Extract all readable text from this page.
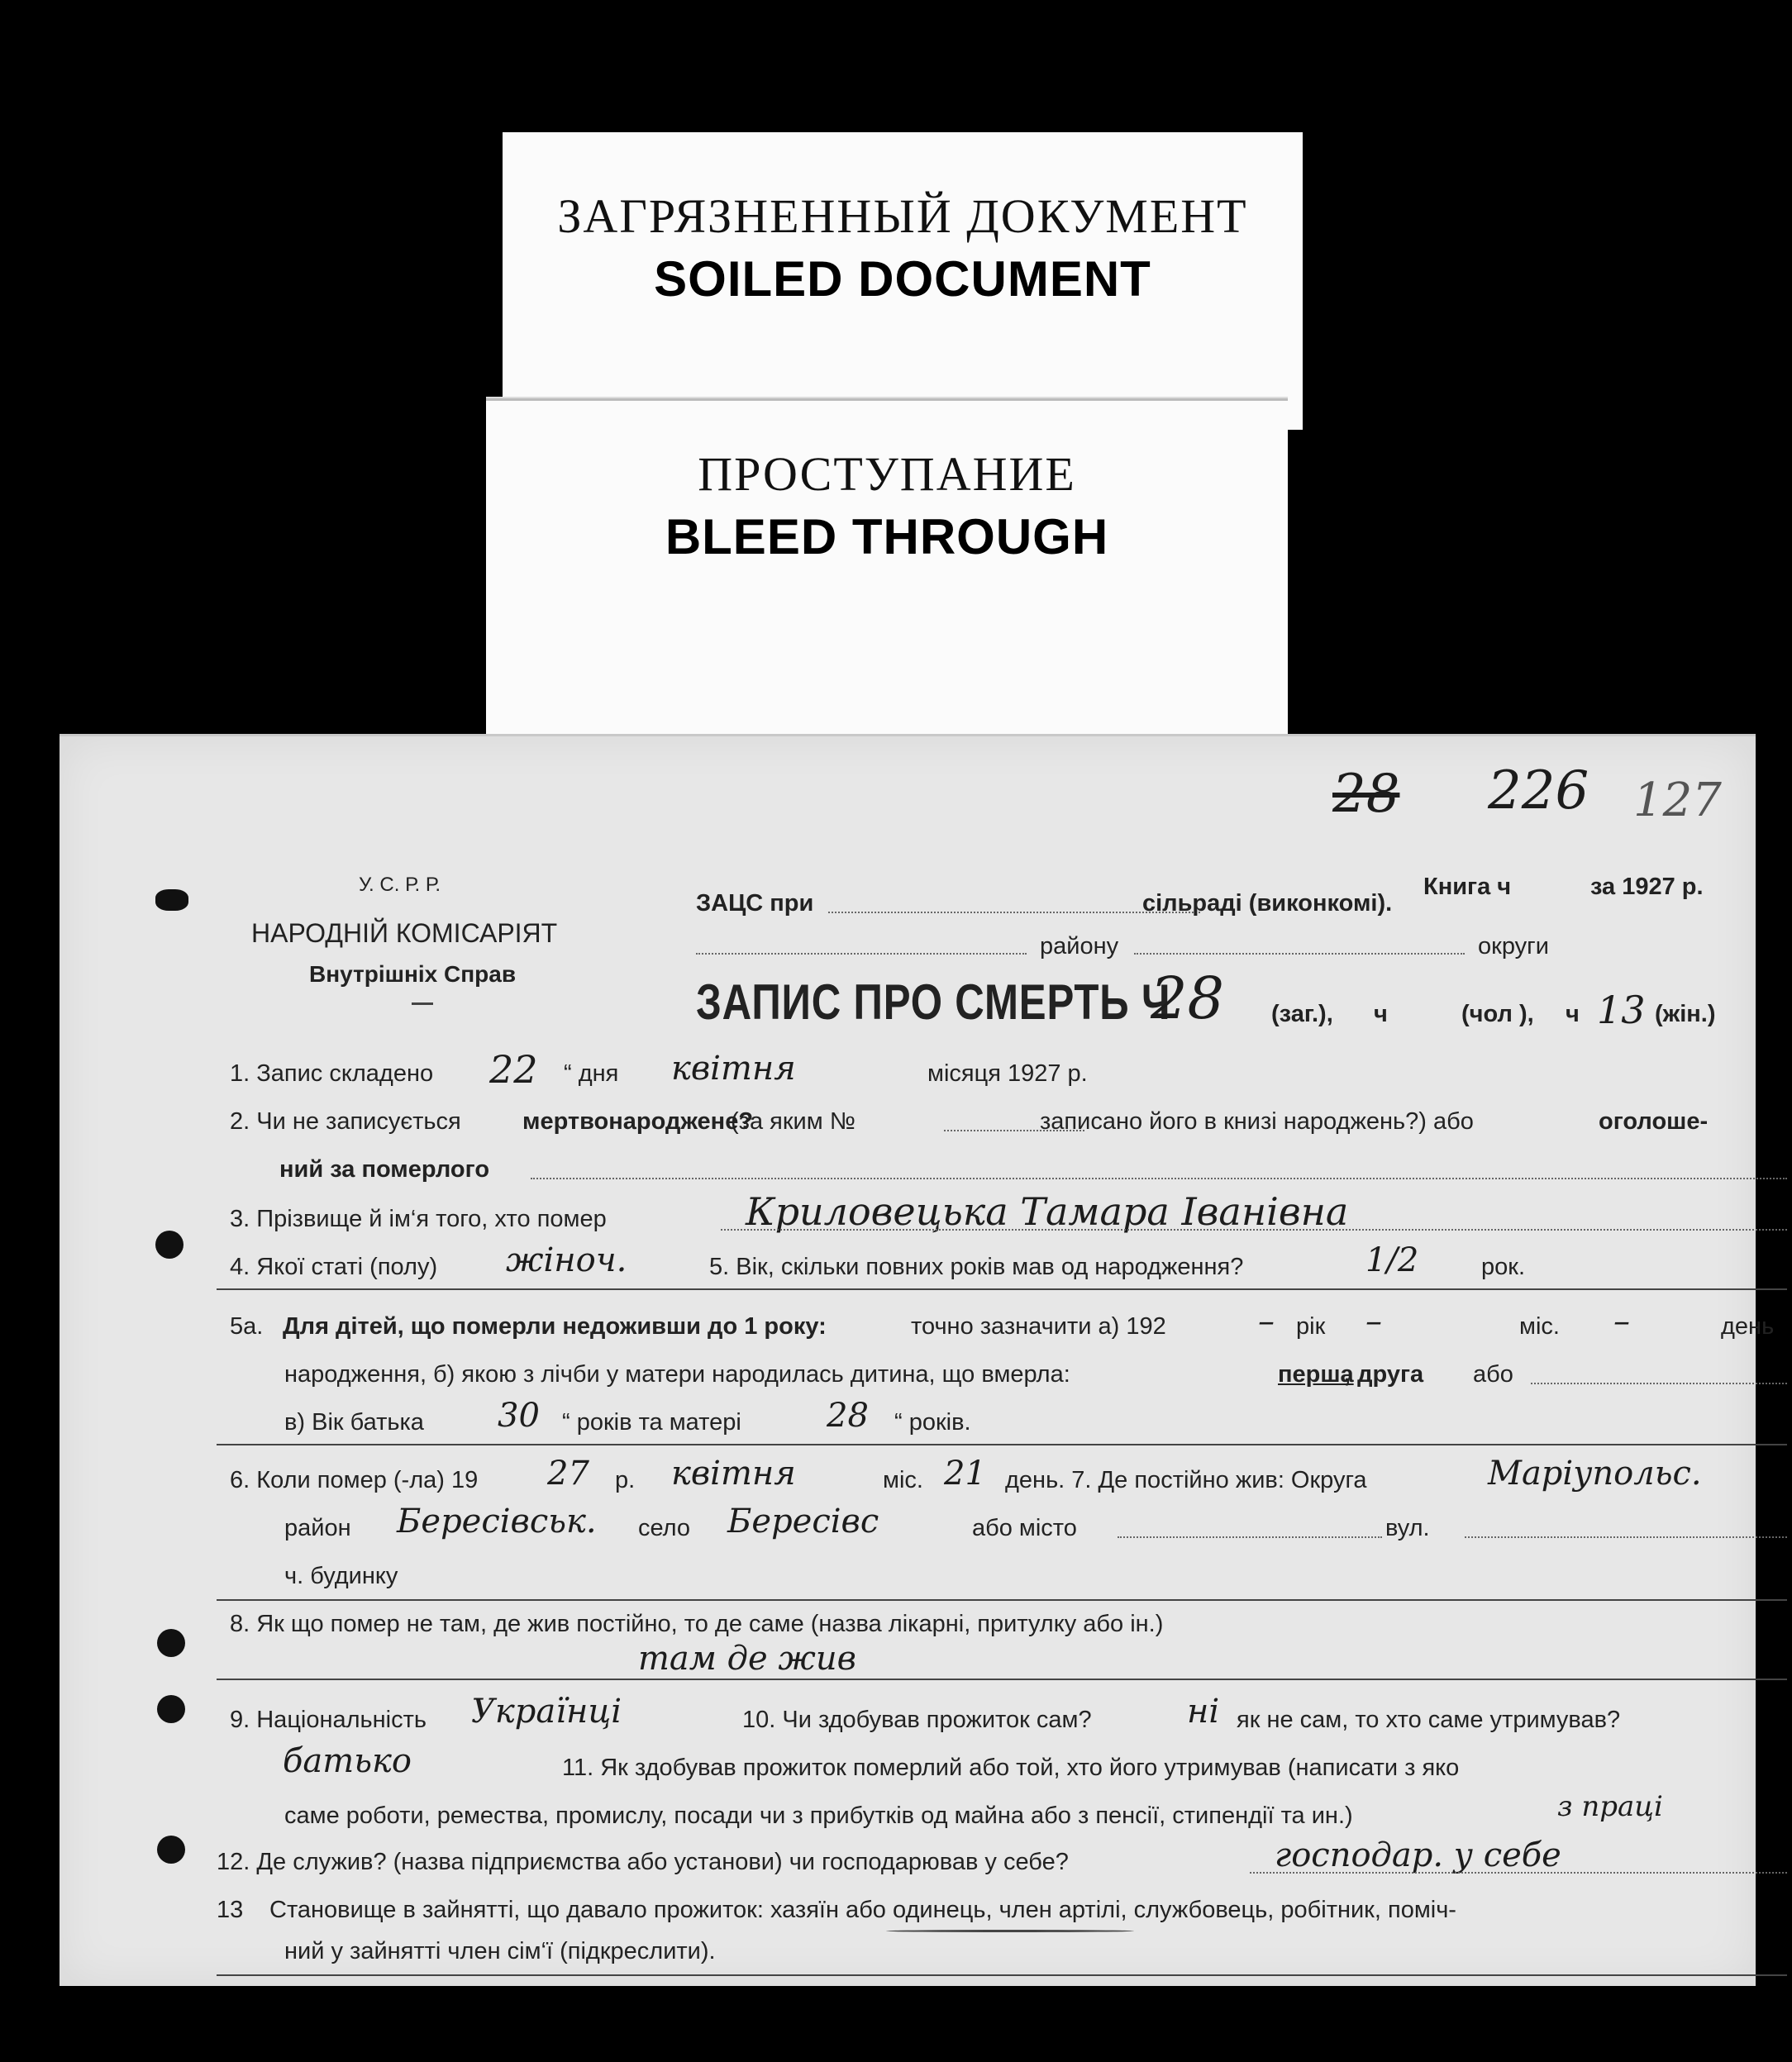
ЗАГРЯЗНЕННЫЙ ДОКУМЕНТ
SOILED DOCUMENT
ПРОСТУПАНИЕ
BLEED THROUGH
28 226 127
У. С. Р. Р.
НАРОДНІЙ КОМІСАРІЯТ
Внутрішніх Справ
ЗАЦС при	сільраді (виконкомі).
Книга ч	за 1927 р.
району	округи
ЗАПИС ПРО СМЕРТЬ Ч
28 (заг.), ч	(чол ), ч 13 (жін.)
1. Запис складено 22 “ дня квітня	місяця 1927 р.
2. Чи не записується	мертвонароджене?
(за яким №	записано його в книзі народжень?) або	оголоше-
ний за померлого
3. Прізвище й ім‘я того, хто помер	Криловецька Тамара Іванівна
4. Якої статі (полу) жіноч.	5. Вік, скільки повних років мав од народження?	1/2	рок.
5а. Для дітей, що померли недоживши до 1 року:	точно зазначити а) 192	– рік –	міс. –	день
народження, б) якою з лічби у матери народилась дитина, що вмерла:	перша
, друга або
в) Вік батька 30 “ років та матері	28 “ років.
6. Коли помер (-ла) 19 27 р. квітня	міс. 21 день. 7. Де постійно жив: Округа	Маріупольс.
район Бересівськ. село Бересівс	або місто	вул.
ч. будинку
8. Як що помер не там, де жив постійно, то де саме (назва лікарні, притулку або ін.)
там де жив
9. Національність Українці	10. Чи здобував прожиток сам?	ні як не сам, то хто саме утримував?
батько	11. Як здобував прожиток померлий або той, хто його утримував (написати з яко
саме роботи, ремества, промислу, посади чи з прибутків од майна або з пенсії, стипендії та ин.)	з праці
12. Де служив? (назва підприємства або установи) чи господарював у себе?	господар. у себе
13 Становище в зайнятті, що давало прожиток: хазяїн або одинець, член артілі, службовець, робітник, поміч-
ний у зайнятті член сім‘ї (підкреслити).
